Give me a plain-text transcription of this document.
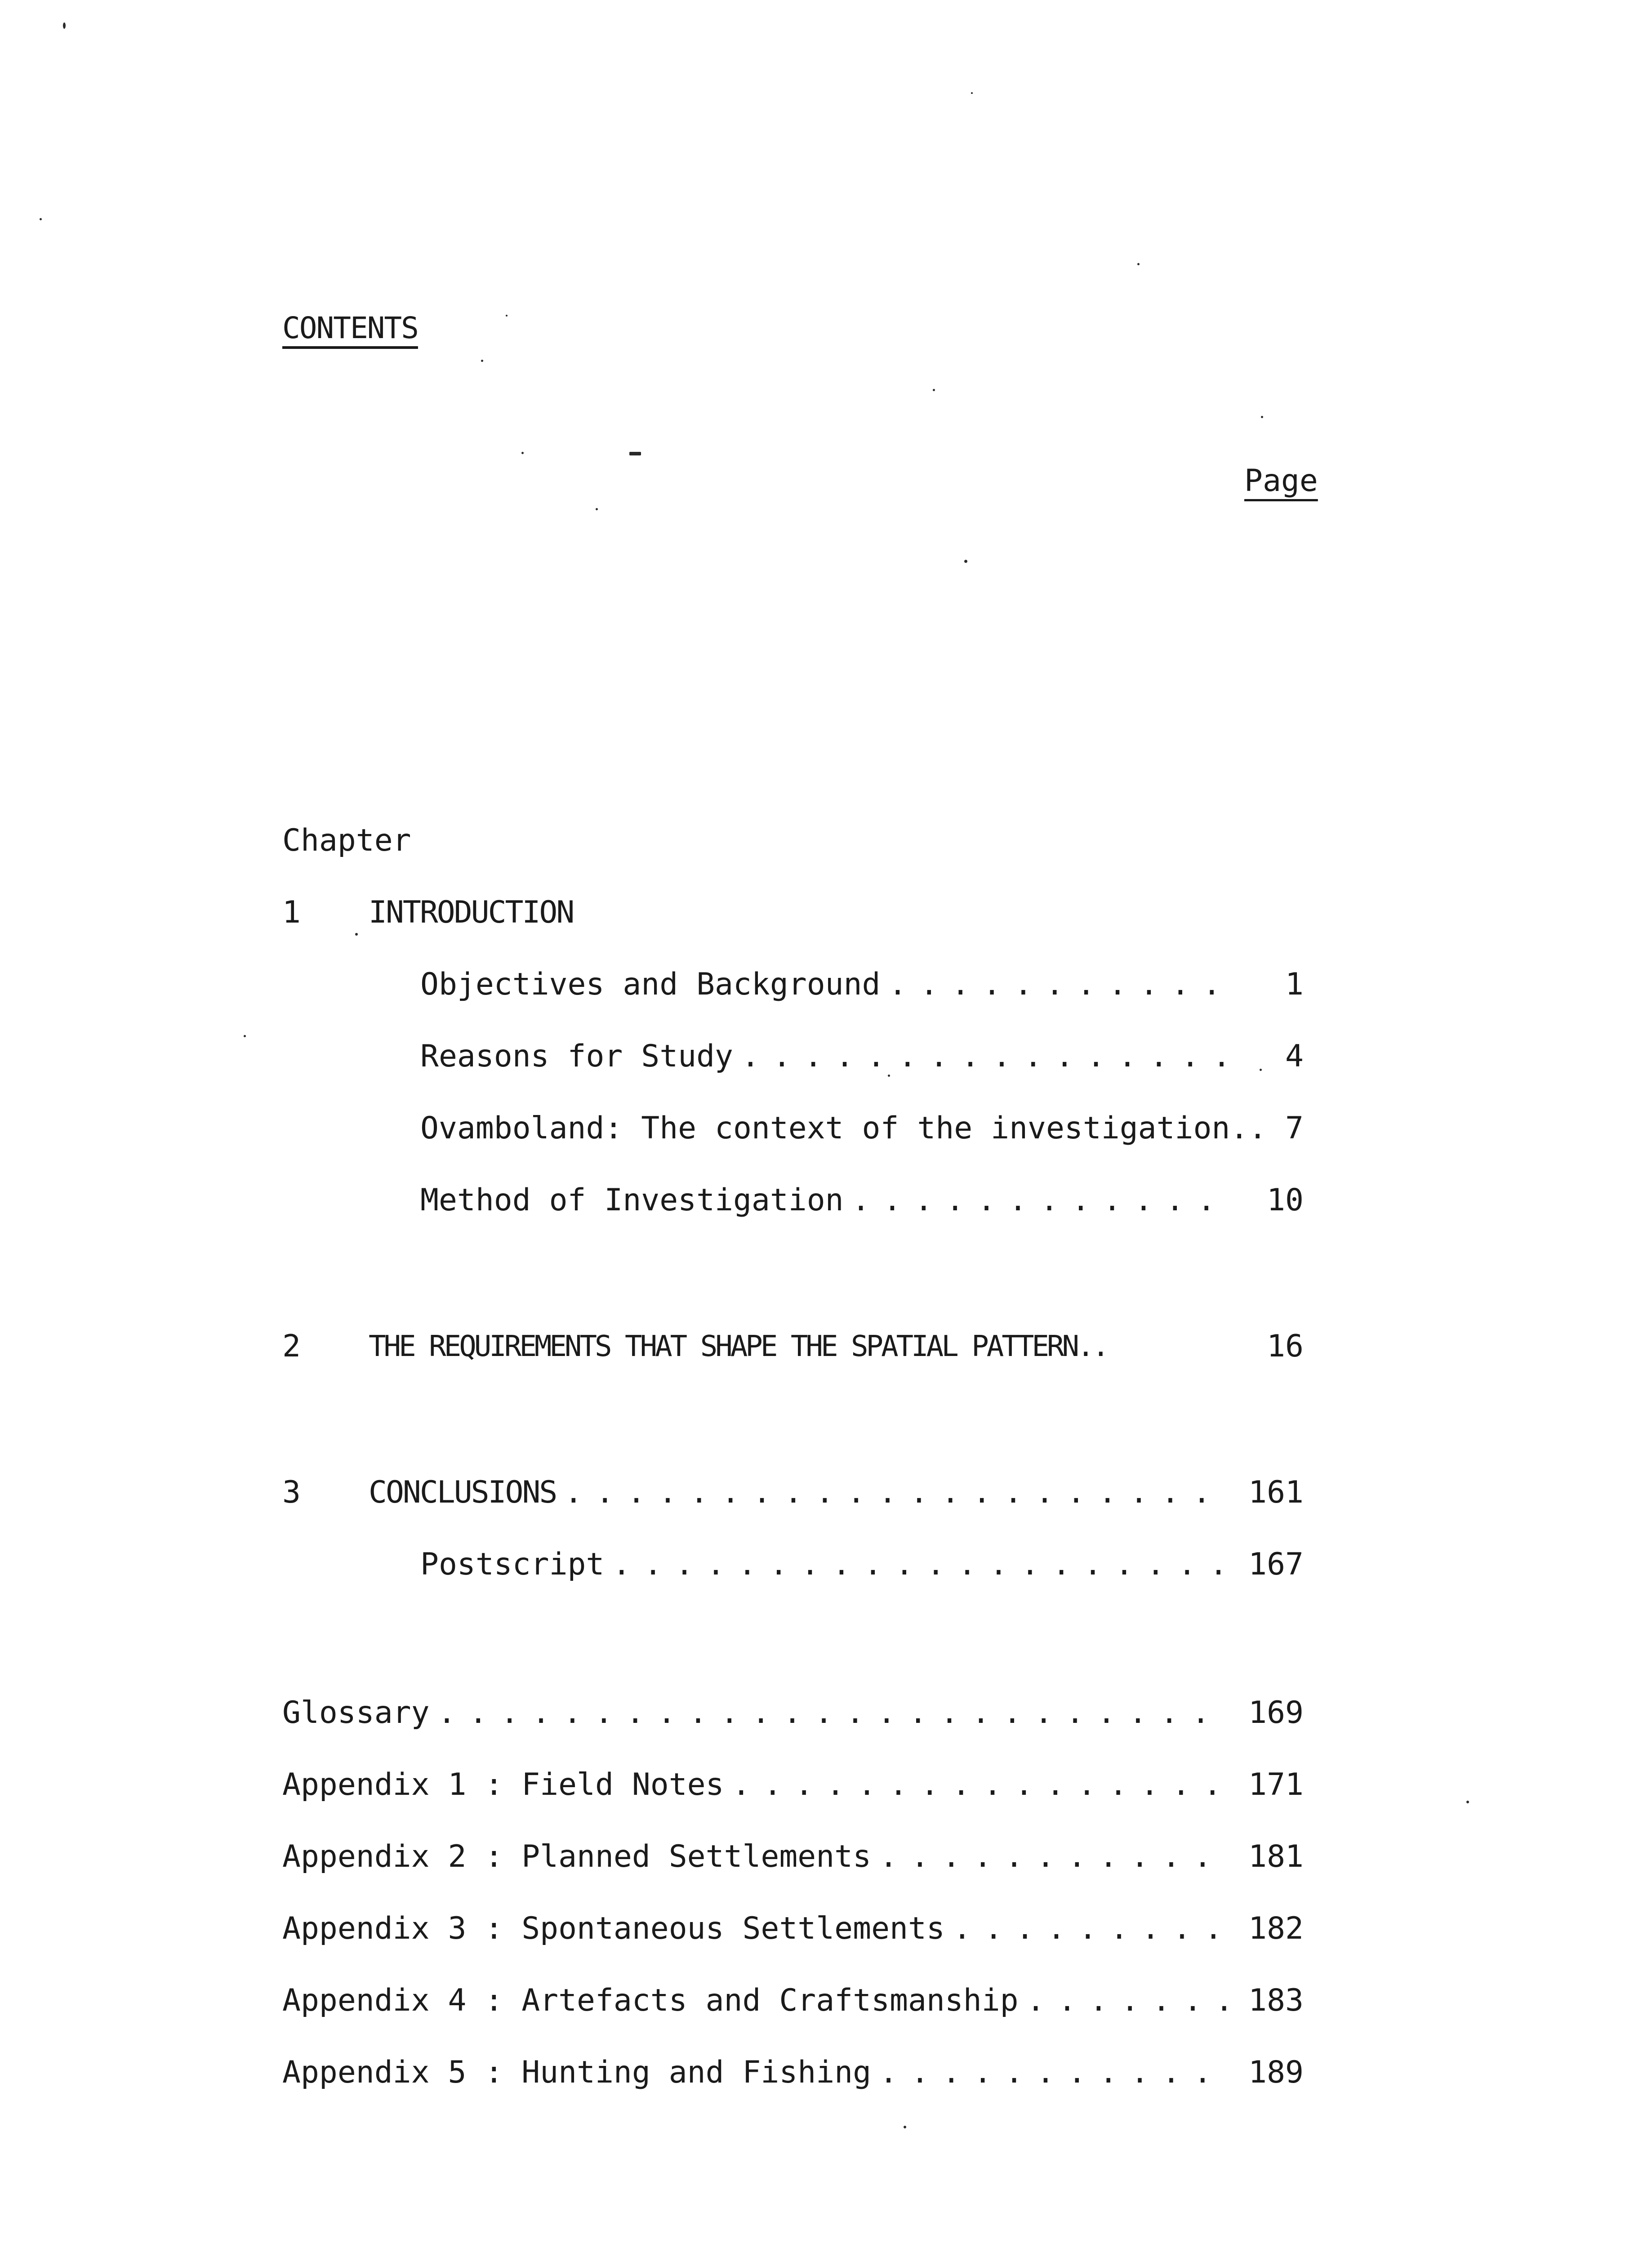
CONTENTS
Page
Chapter
1 INTRODUCTION
Objectives and Background . . .	1
Reasons for Study . . .	4
Ovamboland: The context of the investigation.. 7
Method of Investigation . . .	10
2 THE REQUIREMENTS THAT SHAPE THE SPATIAL PATTERN..	16
3 CONCLUSIONS . . .	161
Postscript . . .	167
Glossary . . .	169
Appendix 1 : Field Notes . . .	171
Appendix 2 : Planned Settlements . . .	181
Appendix 3 : Spontaneous Settlements . . .	182
Appendix 4 : Artefacts and Craftsmanship . . .	183
Appendix 5 : Hunting and Fishing . . .	189
